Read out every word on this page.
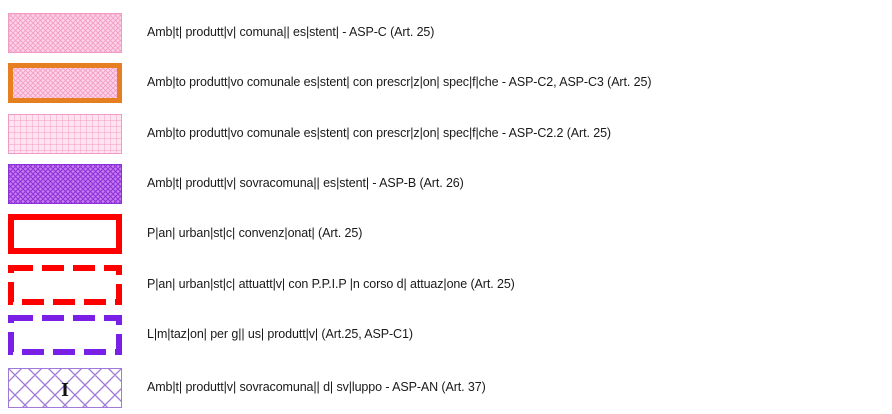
Amb|t| produtt|v| comuna|| es|stent| - ASP-C (Art. 25)
Amb|to produtt|vo comunale es|stent| con prescr|z|on| spec|f|che - ASP-C2, ASP-C3 (Art. 25)
Amb|to produtt|vo comunale es|stent| con prescr|z|on| spec|f|che - ASP-C2.2 (Art. 25)
Amb|t| produtt|v| sovracomuna|| es|stent| - ASP-B (Art. 26)
P|an| urban|st|c| convenz|onat| (Art. 25)
P|an| urban|st|c| attuatt|v| con P.P.I.P |n corso d| attuaz|one (Art. 25)
L|m|taz|on| per g|| us| produtt|v| (Art.25, ASP-C1)
I	Amb|t| produtt|v| sovracomuna|| d| sv|luppo - ASP-AN (Art. 37)
